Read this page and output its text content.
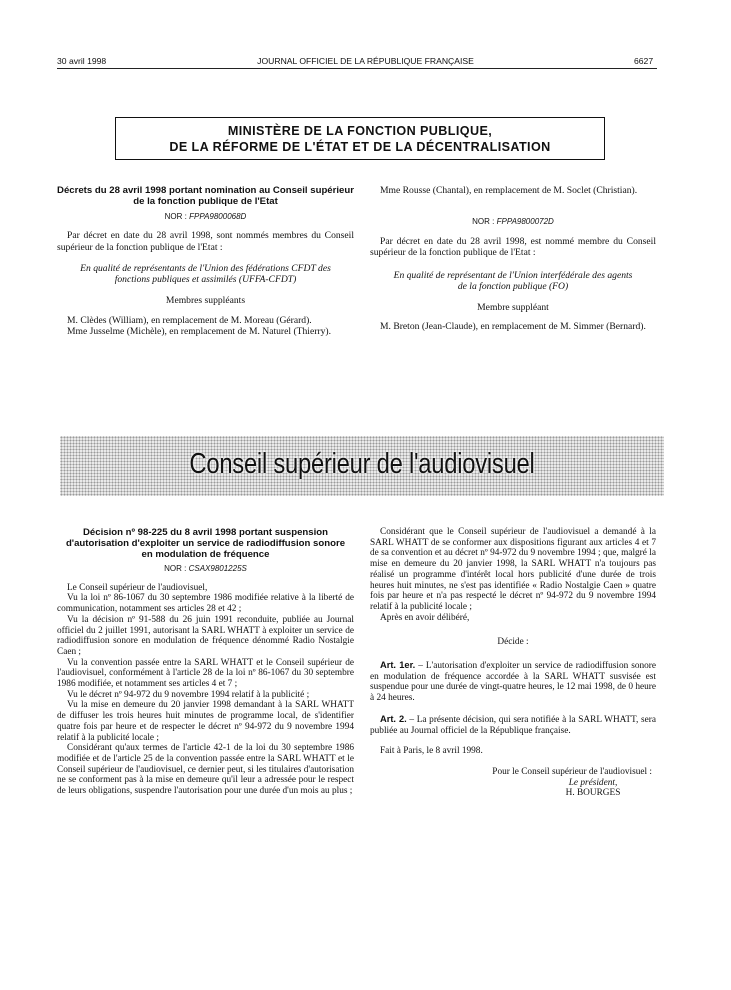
30 avril 1998	JOURNAL OFFICIEL DE LA RÉPUBLIQUE FRANÇAISE	6627
MINISTÈRE DE LA FONCTION PUBLIQUE,
DE LA RÉFORME DE L'ÉTAT ET DE LA DÉCENTRALISATION

Décrets du 28 avril 1998 portant nomination au Conseil supérieur de la fonction publique de l'Etat

NOR : FPPA9800068D

Par décret en date du 28 avril 1998, sont nommés membres du Conseil supérieur de la fonction publique de l'Etat :

En qualité de représentants de l'Union des fédérations CFDT des fonctions publiques et assimilés (UFFA-CFDT)

Membres suppléants

M. Clèdes (William), en remplacement de M. Moreau (Gérard).

Mme Jusselme (Michèle), en remplacement de M. Naturel (Thierry).

Mme Rousse (Chantal), en remplacement de M. Soclet (Christian).

NOR : FPPA9800072D

Par décret en date du 28 avril 1998, est nommé membre du Conseil supérieur de la fonction publique de l'Etat :

En qualité de représentant de l'Union interfédérale des agents de la fonction publique (FO)

Membre suppléant

M. Breton (Jean-Claude), en remplacement de M. Simmer (Bernard).

Conseil supérieur de l'audiovisuel

Décision nº 98-225 du 8 avril 1998 portant suspension d'autorisation d'exploiter un service de radiodiffusion sonore en modulation de fréquence

NOR : CSAX9801225S

Le Conseil supérieur de l'audiovisuel,

Vu la loi nº 86-1067 du 30 septembre 1986 modifiée relative à la liberté de communication, notamment ses articles 28 et 42 ;

Vu la décision nº 91-588 du 26 juin 1991 reconduite, publiée au Journal officiel du 2 juillet 1991, autorisant la SARL WHATT à exploiter un service de radiodiffusion sonore en modulation de fréquence dénommé Radio Nostalgie Caen ;

Vu la convention passée entre la SARL WHATT et le Conseil supérieur de l'audiovisuel, conformément à l'article 28 de la loi nº 86-1067 du 30 septembre 1986 modifiée, et notamment ses articles 4 et 7 ;

Vu le décret nº 94-972 du 9 novembre 1994 relatif à la publicité ;

Vu la mise en demeure du 20 janvier 1998 demandant à la SARL WHATT de diffuser les trois heures huit minutes de programme local, de s'identifier quatre fois par heure et de respecter le décret nº 94-972 du 9 novembre 1994 relatif à la publicité locale ;

Considérant qu'aux termes de l'article 42-1 de la loi du 30 septembre 1986 modifiée et de l'article 25 de la convention passée entre la SARL WHATT et le Conseil supérieur de l'audiovisuel, ce dernier peut, si les titulaires d'autorisation ne se conforment pas à la mise en demeure qu'il leur a adressée pour le respect de leurs obligations, suspendre l'autorisation pour une durée d'un mois au plus ;

Considérant que le Conseil supérieur de l'audiovisuel a demandé à la SARL WHATT de se conformer aux dispositions figurant aux articles 4 et 7 de sa convention et au décret nº 94-972 du 9 novembre 1994 ; que, malgré la mise en demeure du 20 janvier 1998, la SARL WHATT n'a toujours pas réalisé un programme d'intérêt local hors publicité d'une durée de trois heures huit minutes, ne s'est pas identifiée « Radio Nostalgie Caen » quatre fois par heure et n'a pas respecté le décret nº 94-972 du 9 novembre 1994 relatif à la publicité locale ;

Après en avoir délibéré,

Décide :

Art. 1er. – L'autorisation d'exploiter un service de radiodiffusion sonore en modulation de fréquence accordée à la SARL WHATT susvisée est suspendue pour une durée de vingt-quatre heures, le 12 mai 1998, de 0 heure à 24 heures.

Art. 2. – La présente décision, qui sera notifiée à la SARL WHATT, sera publiée au Journal officiel de la République française.

Fait à Paris, le 8 avril 1998.

Pour le Conseil supérieur de l'audiovisuel :

Le président,

H. BOURGES
